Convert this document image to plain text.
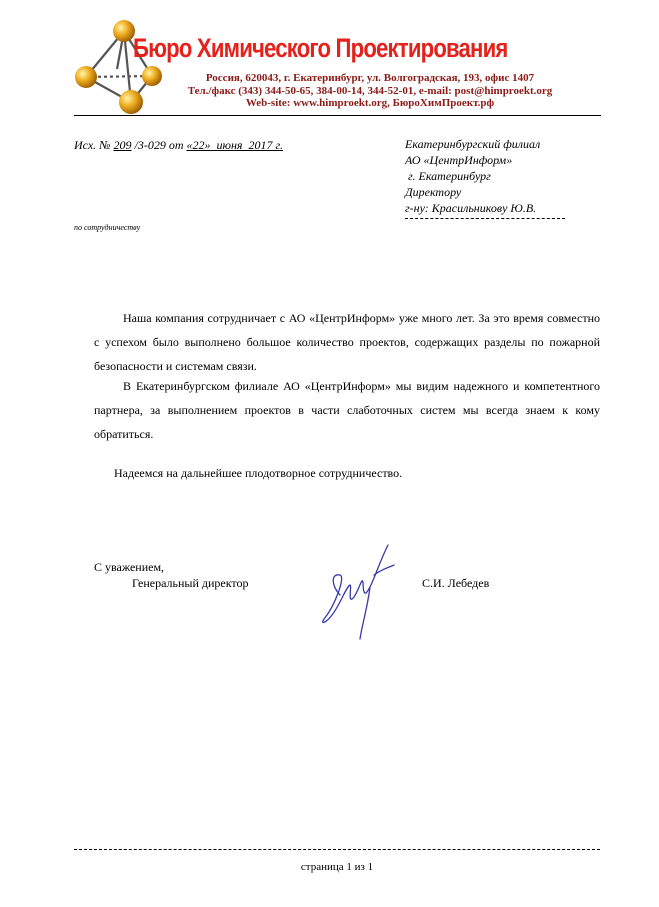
Бюро Химического Проектирования
Россия, 620043, г. Екатеринбург, ул. Волгоградская, 193, офис 1407
Тел./факс (343) 344-50-65, 384-00-14, 344-52-01, e-mail: post@himproekt.org
Web-site: www.himproekt.org, БюроХимПроект.рф
Исх. № 209 /3-029 от «22»  июня  2017 г.	Екатеринбургский филиал
АО «ЦентрИнформ»
г. Екатеринбург
Директору
г-ну: Красильникову Ю.В.
по сотрудничеству
Наша компания сотрудничает с АО «ЦентрИнформ» уже много лет. За это время совместно с успехом было выполнено большое количество проектов, содержащих разделы по пожарной безопасности и системам связи.
В Екатеринбургском филиале АО «ЦентрИнформ» мы видим надежного и компетентного партнера, за выполнением проектов в части слаботочных систем мы всегда знаем к кому обратиться.
Надеемся на дальнейшее плодотворное сотрудничество.
С уважением,
Генеральный директор	С.И. Лебедев
страница 1 из 1
